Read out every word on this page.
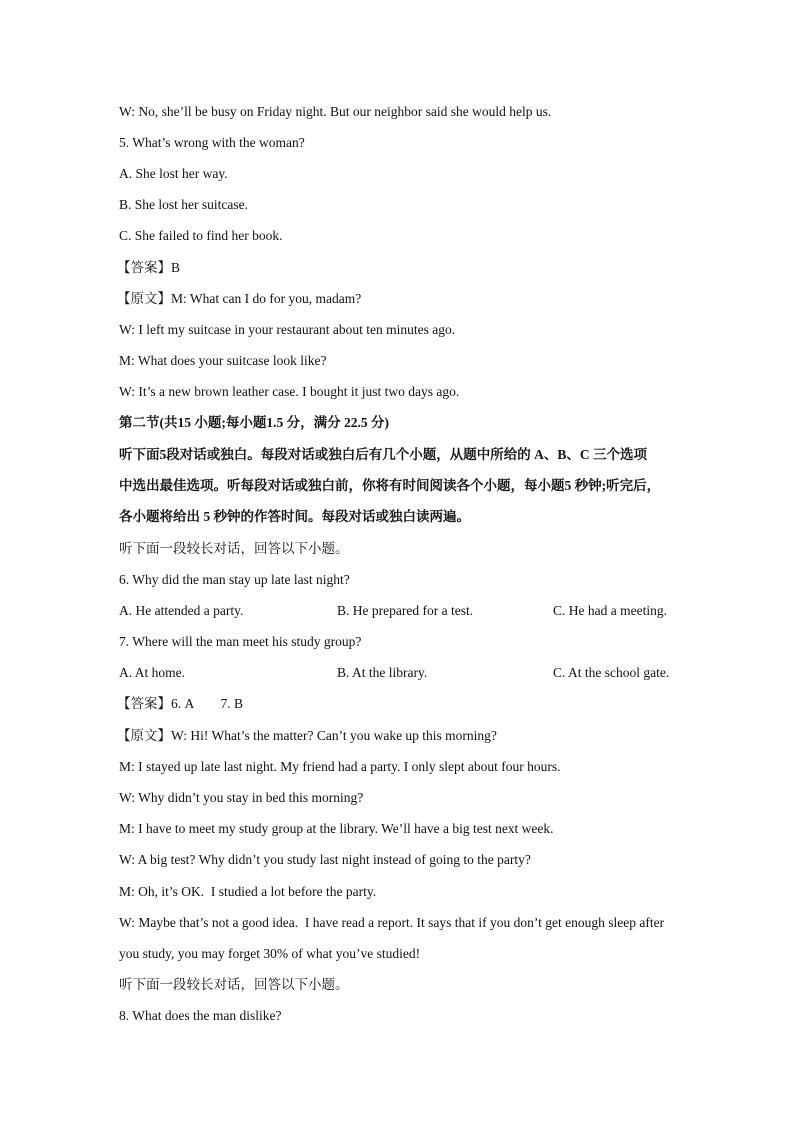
W: No, she’ll be busy on Friday night. But our neighbor said she would help us.
5. What’s wrong with the woman?
A. She lost her way.
B. She lost her suitcase.
C. She failed to find her book.
【答案】B
【原文】M: What can I do for you, madam?
W: I left my suitcase in your restaurant about ten minutes ago.
M: What does your suitcase look like?
W: It’s a new brown leather case. I bought it just two days ago.
第二节(共15 小题;每小题1.5 分，满分 22.5 分)
听下面5段对话或独白。每段对话或独白后有几个小题，从题中所给的 A、B、C 三个选项
中选出最佳选项。听每段对话或独白前，你将有时间阅读各个小题，每小题5 秒钟;听完后，
各小题将给出 5 秒钟的作答时间。每段对话或独白读两遍。
听下面一段较长对话，回答以下小题。
6. Why did the man stay up late last night?
A. He attended a party.	B. He prepared for a test.	C. He had a meeting.
7. Where will the man meet his study group?
A. At home.	B. At the library.	C. At the school gate.
【答案】6. A        7. B
【原文】W: Hi! What’s the matter? Can’t you wake up this morning?
M: I stayed up late last night. My friend had a party. I only slept about four hours.
W: Why didn’t you stay in bed this morning?
M: I have to meet my study group at the library. We’ll have a big test next week.
W: A big test? Why didn’t you study last night instead of going to the party?
M: Oh, it’s OK.  I studied a lot before the party.
W: Maybe that’s not a good idea.  I have read a report. It says that if you don’t get enough sleep after
you study, you may forget 30% of what you’ve studied!
听下面一段较长对话，回答以下小题。
8. What does the man dislike?
